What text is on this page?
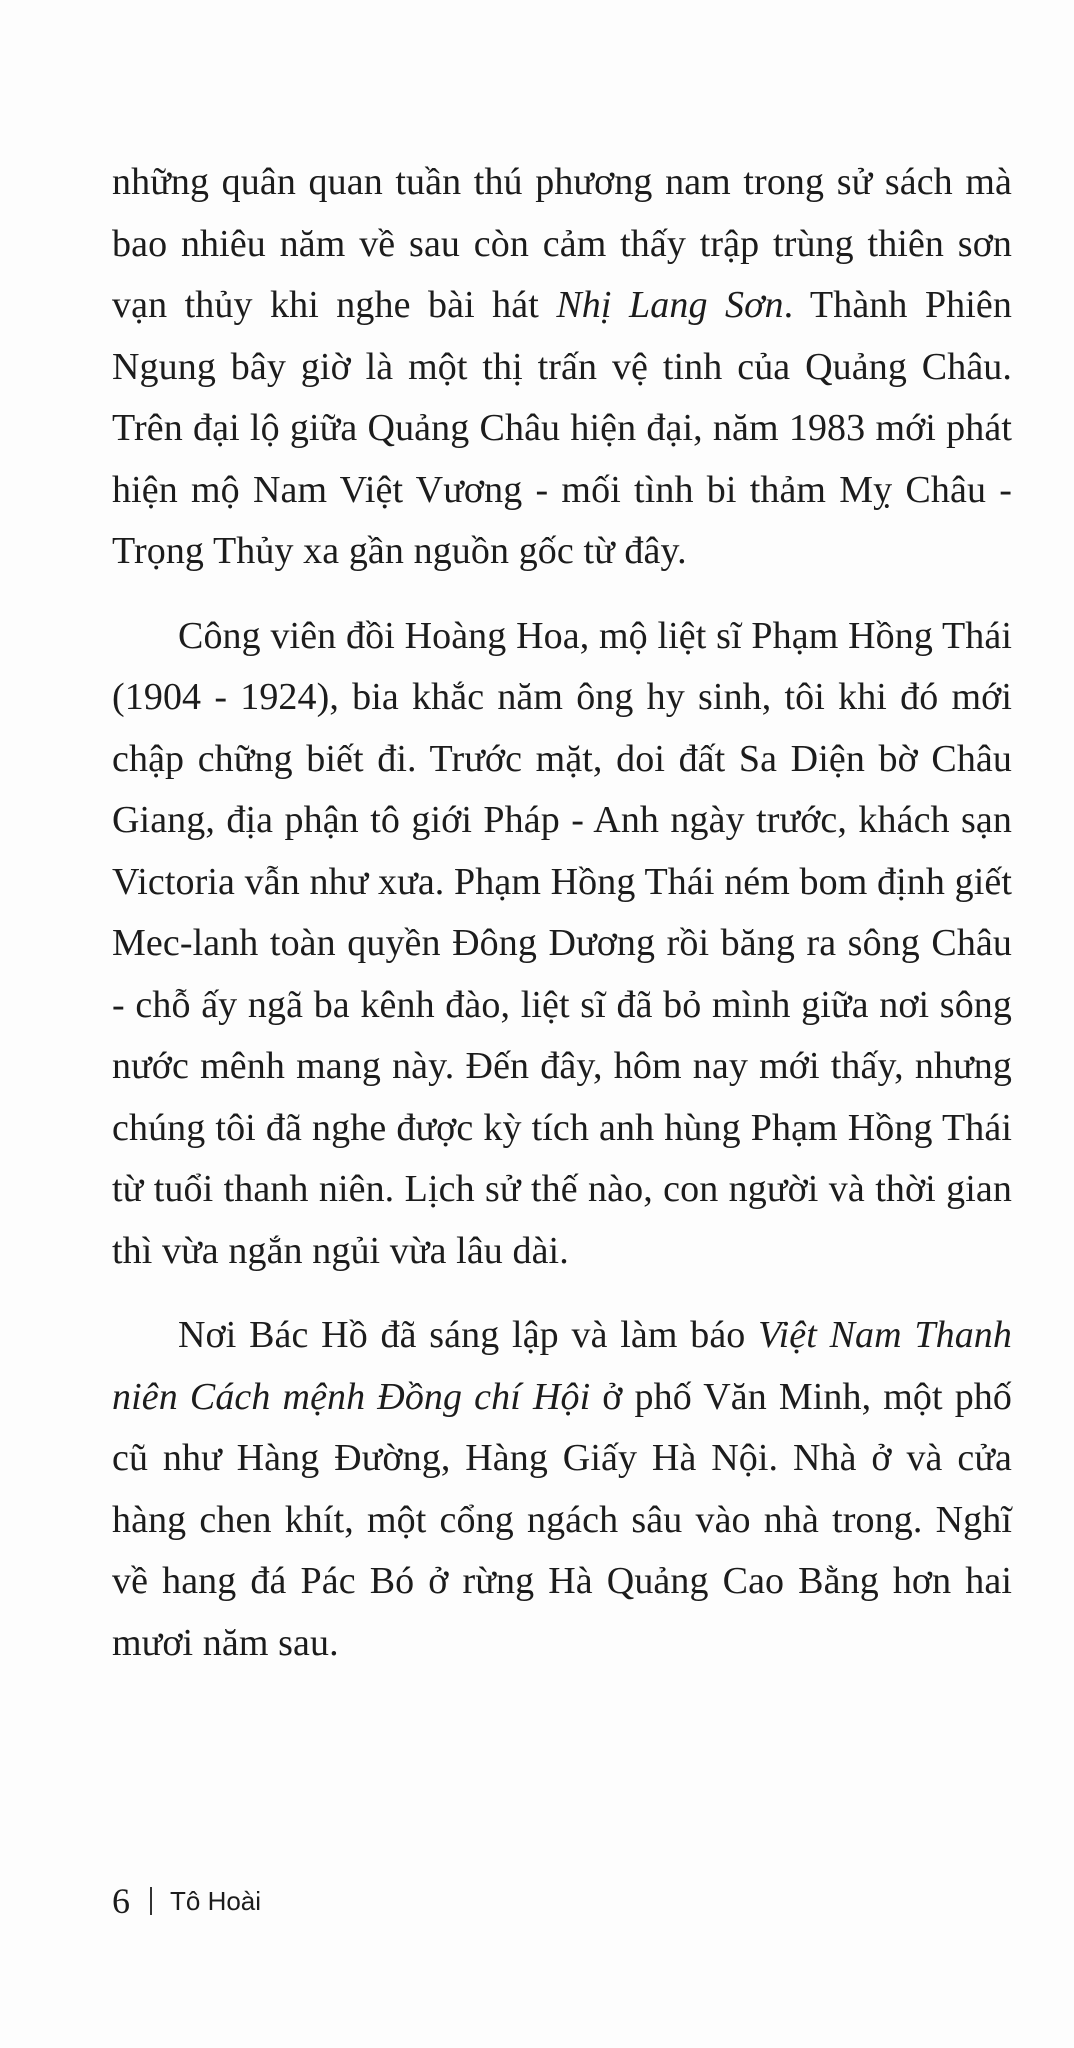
những quân quan tuần thú phương nam trong sử sách mà bao nhiêu năm về sau còn cảm thấy trập trùng thiên sơn vạn thủy khi nghe bài hát Nhị Lang Sơn. Thành Phiên Ngung bây giờ là một thị trấn vệ tinh của Quảng Châu. Trên đại lộ giữa Quảng Châu hiện đại, năm 1983 mới phát hiện mộ Nam Việt Vương - mối tình bi thảm Mỵ Châu - Trọng Thủy xa gần nguồn gốc từ đây.

Công viên đồi Hoàng Hoa, mộ liệt sĩ Phạm Hồng Thái (1904 - 1924), bia khắc năm ông hy sinh, tôi khi đó mới chập chững biết đi. Trước mặt, doi đất Sa Diện bờ Châu Giang, địa phận tô giới Pháp - Anh ngày trước, khách sạn Victoria vẫn như xưa. Phạm Hồng Thái ném bom định giết Mec-lanh toàn quyền Đông Dương rồi băng ra sông Châu - chỗ ấy ngã ba kênh đào, liệt sĩ đã bỏ mình giữa nơi sông nước mênh mang này. Đến đây, hôm nay mới thấy, nhưng chúng tôi đã nghe được kỳ tích anh hùng Phạm Hồng Thái từ tuổi thanh niên. Lịch sử thế nào, con người và thời gian thì vừa ngắn ngủi vừa lâu dài.

Nơi Bác Hồ đã sáng lập và làm báo Việt Nam Thanh niên Cách mệnh Đồng chí Hội ở phố Văn Minh, một phố cũ như Hàng Đường, Hàng Giấy Hà Nội. Nhà ở và cửa hàng chen khít, một cổng ngách sâu vào nhà trong. Nghĩ về hang đá Pác Bó ở rừng Hà Quảng Cao Bằng hơn hai mươi năm sau.

6 Tô Hoài
